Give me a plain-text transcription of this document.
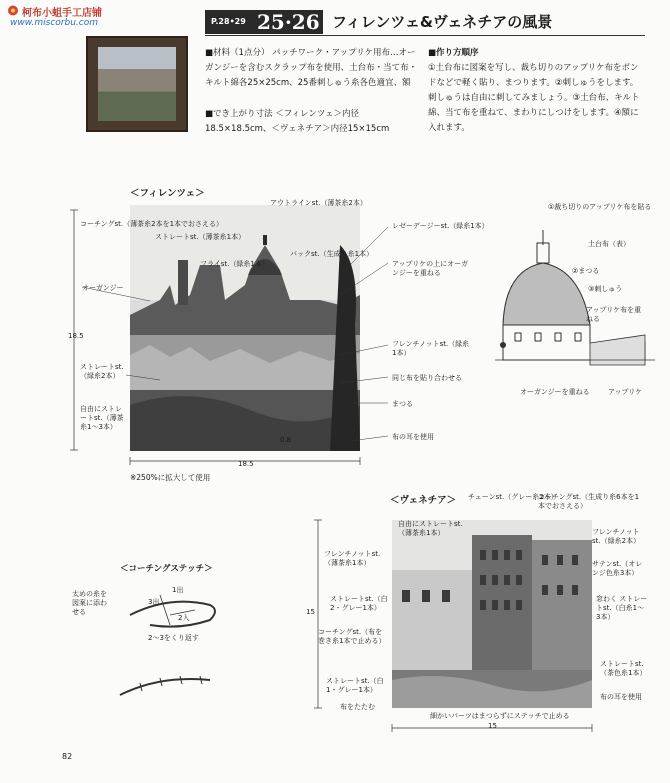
柯布小蛆手工店铺
www.miscorbu.com	P.28•29 25·26 フィレンツェ&ヴェネチアの風景
■材料（1点分） パッチワーク・アップリケ用布…オーガンジーを含むスクラップ布を使用、土台布・当て布・キルト綿各25×25cm、25番刺しゅう糸各色適宜、額
■でき上がり寸法 ＜フィレンツェ＞内径18.5×18.5cm、＜ヴェネチア＞内径15×15cm
■作り方順序
①土台布に図案を写し、裁ち切りのアップリケ布をボンドなどで軽く貼り、まつります。②刺しゅうをします。刺しゅうは自由に刺してみましょう。③土台布、キルト綿、当て布を重ねて、まわりにしつけをします。④額に入れます。
＜フィレンツェ＞
コーチングst.（薄茶糸2本を1本でおさえる）
アウトラインst.（薄茶糸2本）
ストレートst.（薄茶糸1本）
レゼーデージーst.（緑糸1本）
フライst.（緑糸1本）
バックst.（生成り糸1本）
オーガンジー
アップリケの上にオーガンジーを重ねる
フレンチノットst.（緑糸1本）
ストレートst.（緑糸2本）	同じ布を貼り合わせる
自由にストレートst.（薄茶糸1〜3本）
まつる
布の耳を使用
0.8
18.5
18.5
※250%に拡大して使用
①裁ち切りのアップリケ布を貼る
土台布（表）
②まつる
③刺しゅう
アップリケ布を重ねる
オーガンジーを重ねる	アップリケ
＜コーチングステッチ＞
太めの糸を図案に添わせる
1出
3出
2入
2〜3をくり返す
＜ヴェネチア＞ チェーンst.（グレー糸2本）
コーチングst.（生成り糸6本を1本でおさえる）
自由にストレートst.（薄茶糸1本）
フレンチノットst.（薄茶糸1本）
フレンチノットst.（緑糸2本）
サテンst.（オレンジ色糸3本）
ストレートst.（白2・グレー1本）
窓わく ストレートst.（白糸1〜3本）
コーチングst.（布を巻き糸1本で止める）
ストレートst.（白1・グレー1本）
ストレートst.（茶色糸1本）
布をたたむ
布の耳を使用
細かいパーツはまつらずにステッチで止める
15
15
82
